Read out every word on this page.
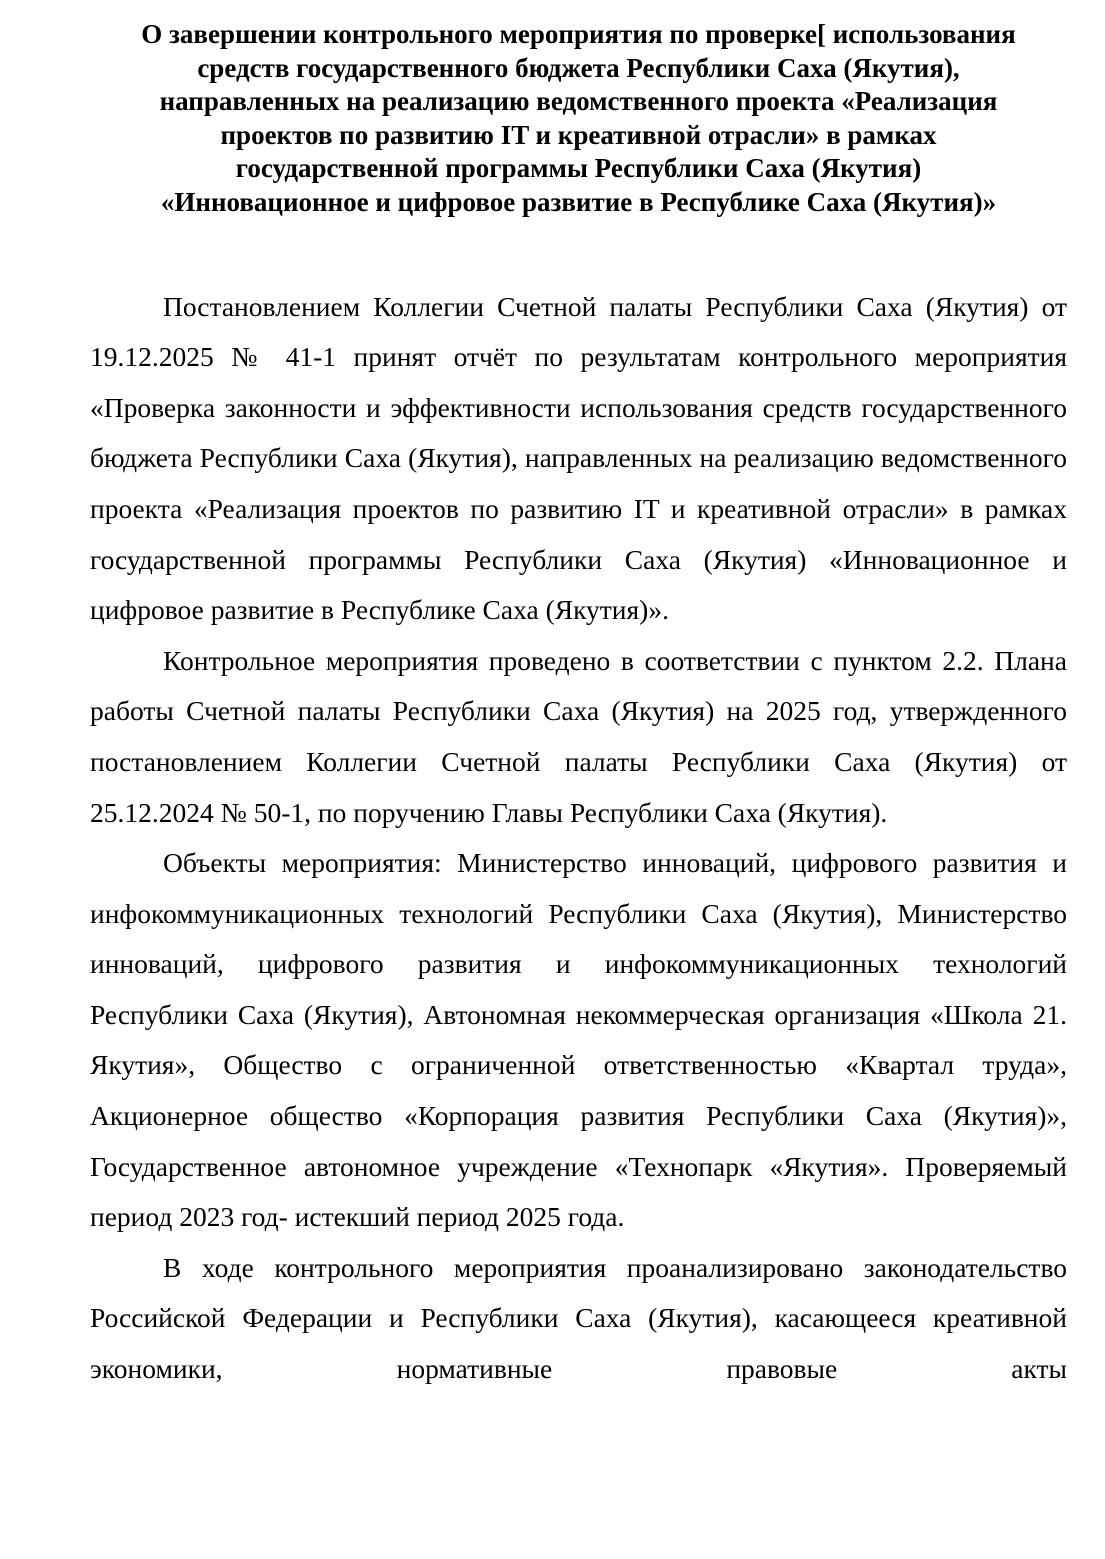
О завершении контрольного мероприятия по проверке[ использования
средств государственного бюджета Республики Саха (Якутия),
направленных на реализацию ведомственного проекта «Реализация
проектов по развитию IT и креативной отрасли» в рамках
государственной программы Республики Саха (Якутия)
«Инновационное и цифровое развитие в Республике Саха (Якутия)»

Постановлением Коллегии Счетной палаты Республики Саха (Якутия) от 19.12.2025 № 41-1 принят отчёт по результатам контрольного мероприятия «Проверка законности и эффективности использования средств государственного бюджета Республики Саха (Якутия), направленных на реализацию ведомственного проекта «Реализация проектов по развитию IT и креативной отрасли» в рамках государственной программы Республики Саха (Якутия) «Инновационное и цифровое развитие в Республике Саха (Якутия)».

Контрольное мероприятия проведено в соответствии с пунктом 2.2. Плана работы Счетной палаты Республики Саха (Якутия) на 2025 год, утвержденного постановлением Коллегии Счетной палаты Республики Саха (Якутия) от 25.12.2024 № 50-1, по поручению Главы Республики Саха (Якутия).

Объекты мероприятия: Министерство инноваций, цифрового развития и инфокоммуникационных технологий Республики Саха (Якутия), Министерство инноваций, цифрового развития и инфокоммуникационных технологий Республики Саха (Якутия), Автономная некоммерческая организация «Школа 21. Якутия», Общество с ограниченной ответственностью «Квартал труда», Акционерное общество «Корпорация развития Республики Саха (Якутия)», Государственное автономное учреждение «Технопарк «Якутия». Проверяемый период 2023 год- истекший период 2025 года.

В ходе контрольного мероприятия проанализировано законодательство Российской Федерации и Республики Саха (Якутия), касающееся креативной экономики, нормативные правовые акты
